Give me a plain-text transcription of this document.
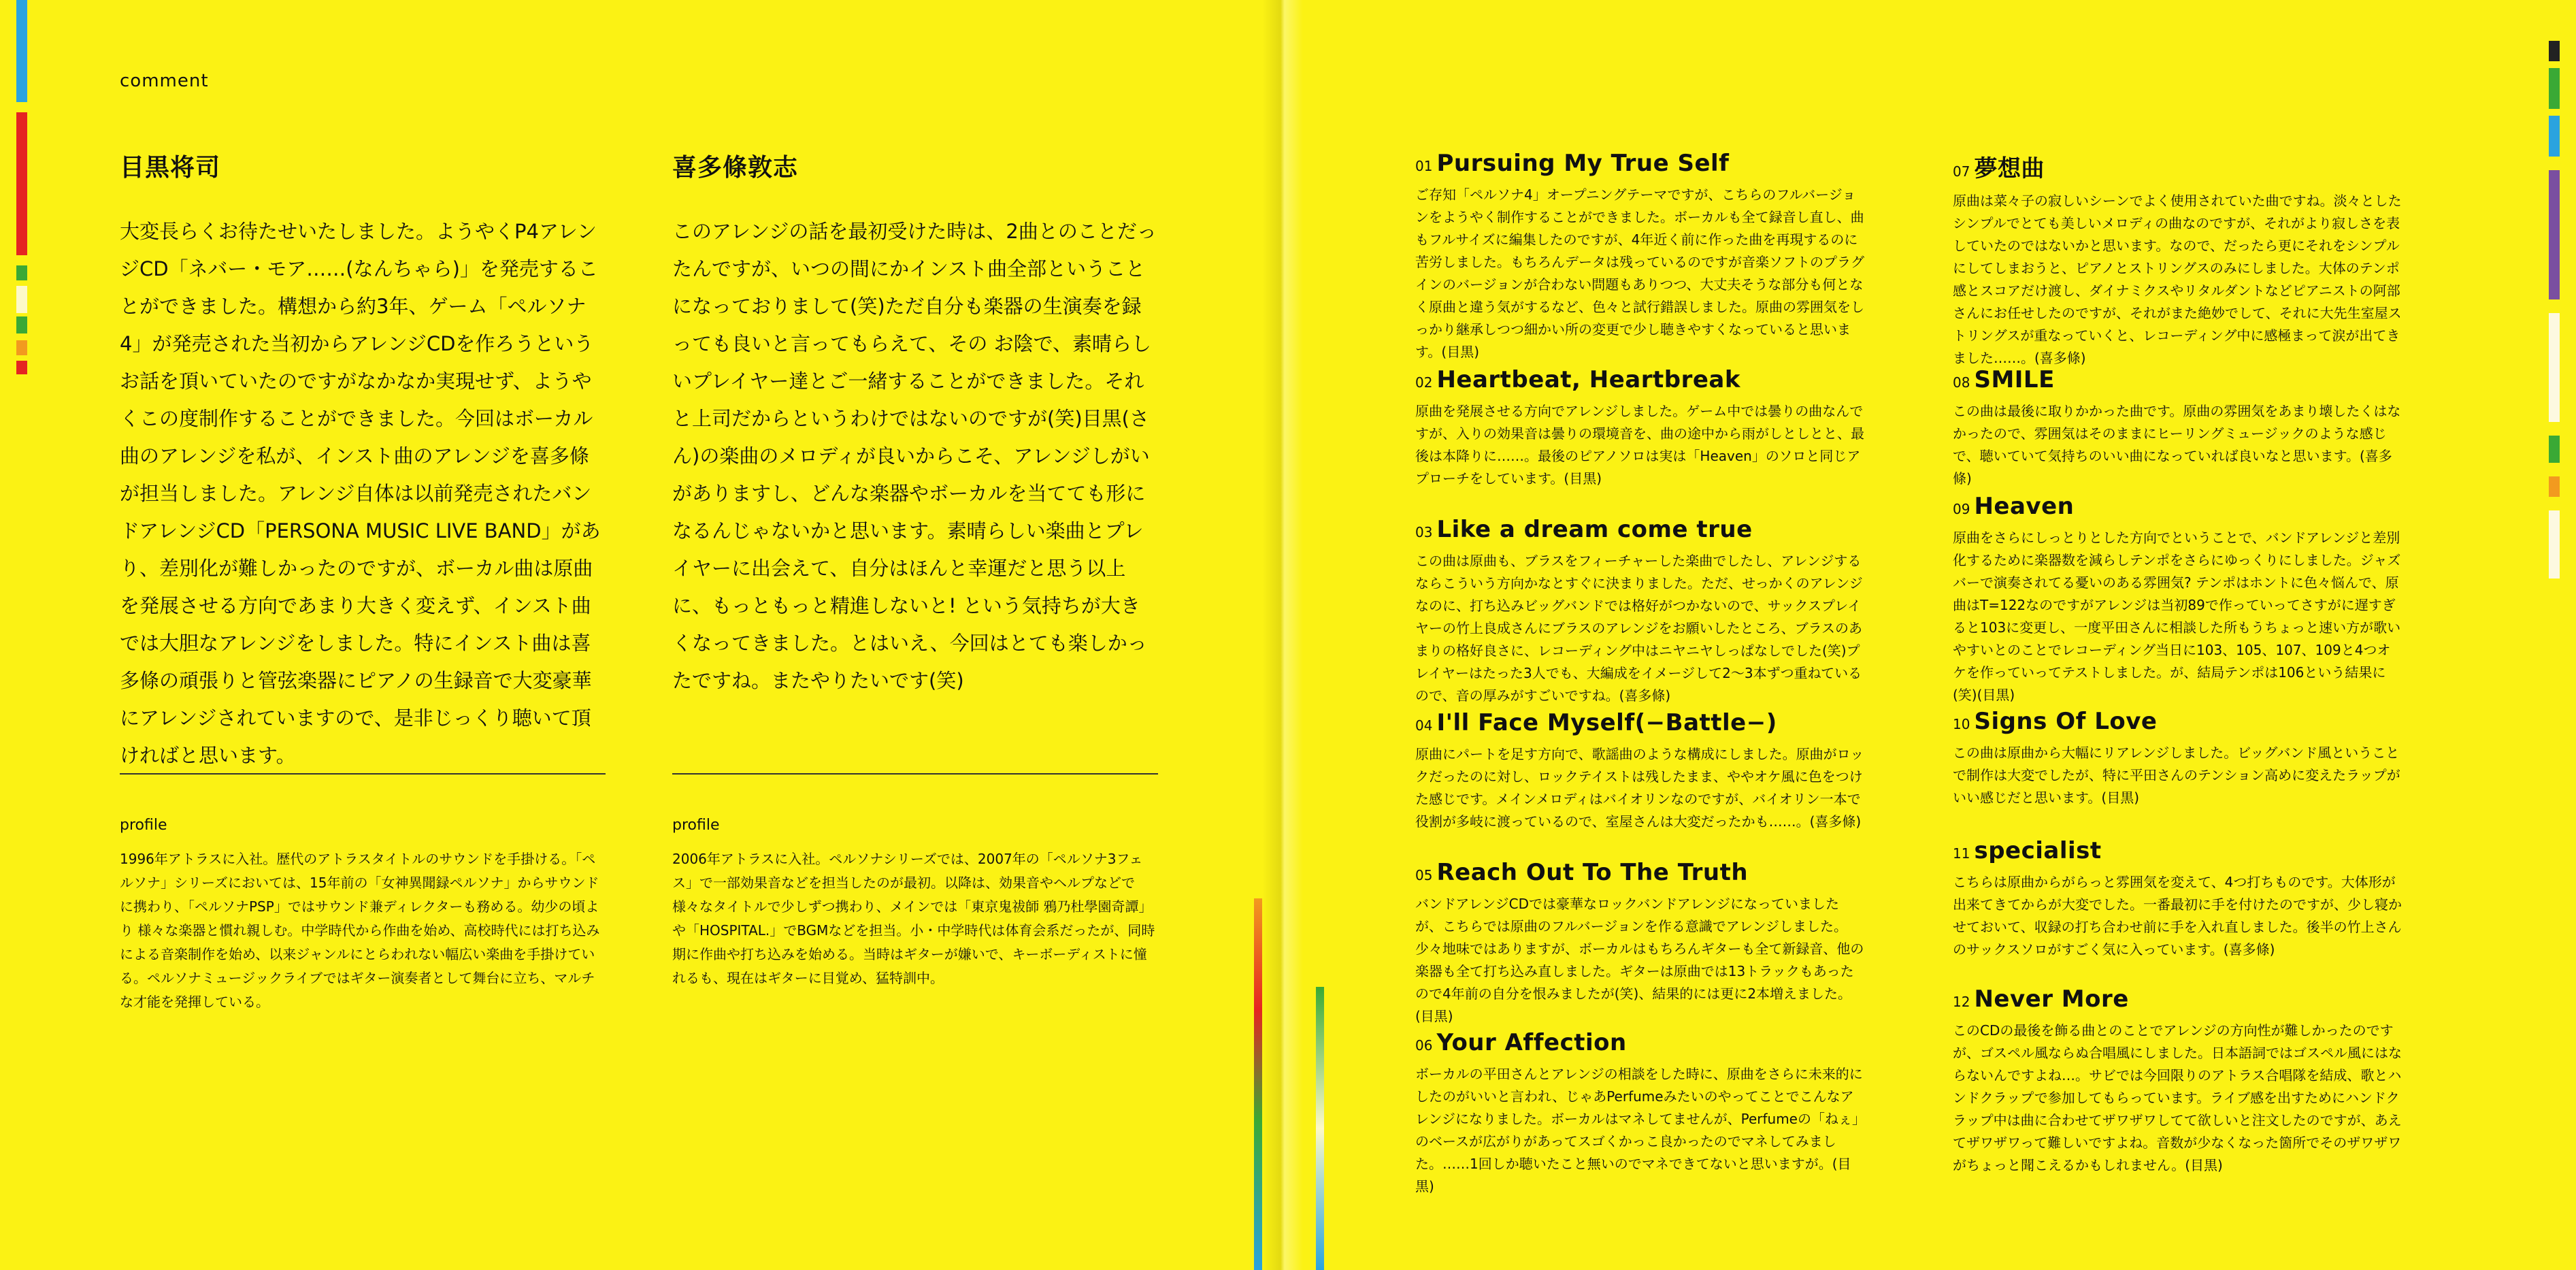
comment
目黒将司

大変長らくお待たせいたしました。ようやくP4アレンジCD「ネバー・モア……(なんちゃら)」を発売することができました。構想から約3年、ゲーム「ペルソナ4」が発売された当初からアレンジCDを作ろうというお話を頂いていたのですがなかなか実現せず、ようやくこの度制作することができました。今回はボーカル曲のアレンジを私が、インスト曲のアレンジを喜多條が担当しました。アレンジ自体は以前発売されたバンドアレンジCD「PERSONA MUSIC LIVE BAND」があり、差別化が難しかったのですが、ボーカル曲は原曲を発展させる方向であまり大きく変えず、インスト曲では大胆なアレンジをしました。特にインスト曲は喜多條の頑張りと管弦楽器にピアノの生録音で大変豪華にアレンジされていますので、是非じっくり聴いて頂ければと思います。

profile

1996年アトラスに入社。歴代のアトラスタイトルのサウンドを手掛ける。「ペルソナ」シリーズにおいては、15年前の「女神異聞録ペルソナ」からサウンドに携わり、「ペルソナPSP」ではサウンド兼ディレクターも務める。幼少の頃より 様々な楽器と慣れ親しむ。中学時代から作曲を始め、高校時代には打ち込みによる音楽制作を始め、以来ジャンルにとらわれない幅広い楽曲を手掛けている。ペルソナミュージックライブではギター演奏者として舞台に立ち、マルチな才能を発揮している。

喜多條敦志

このアレンジの話を最初受けた時は、2曲とのことだったんですが、いつの間にかインスト曲全部ということになっておりまして(笑)ただ自分も楽器の生演奏を録っても良いと言ってもらえて、その お陰で、素晴らしいプレイヤー達とご一緒することができました。それと上司だからというわけではないのですが(笑)目黒(さん)の楽曲のメロディが良いからこそ、アレンジしがいがありますし、どんな楽器やボーカルを当てても形になるんじゃないかと思います。素晴らしい楽曲とプレイヤーに出会えて、自分はほんと幸運だと思う以上に、もっともっと精進しないと! という気持ちが大きくなってきました。とはいえ、今回はとても楽しかったですね。またやりたいです(笑)

profile

2006年アトラスに入社。ペルソナシリーズでは、2007年の「ペルソナ3フェス」で一部効果音などを担当したのが最初。以降は、効果音やヘルプなどで様々なタイトルで少しずつ携わり、メインでは「東京鬼祓師 鴉乃杜學園奇譚」や「HOSPITAL.」でBGMなどを担当。小・中学時代は体育会系だったが、同時期に作曲や打ち込みを始める。当時はギターが嫌いで、キーボーディストに憧れるも、現在はギターに目覚め、猛特訓中。

01 Pursuing My True Self

ご存知「ペルソナ4」オープニングテーマですが、こちらのフルバージョンをようやく制作することができました。ボーカルも全て録音し直し、曲もフルサイズに編集したのですが、4年近く前に作った曲を再現するのに苦労しました。もちろんデータは残っているのですが音楽ソフトのプラグインのバージョンが合わない問題もありつつ、大丈夫そうな部分も何となく原曲と違う気がするなど、色々と試行錯誤しました。原曲の雰囲気をしっかり継承しつつ細かい所の変更で少し聴きやすくなっていると思います。(目黒)

02 Heartbeat, Heartbreak

原曲を発展させる方向でアレンジしました。ゲーム中では曇りの曲なんですが、入りの効果音は曇りの環境音を、曲の途中から雨がしとしとと、最後は本降りに……。最後のピアノソロは実は「Heaven」のソロと同じアプローチをしています。(目黒)

03 Like a dream come true

この曲は原曲も、ブラスをフィーチャーした楽曲でしたし、アレンジするならこういう方向かなとすぐに決まりました。ただ、せっかくのアレンジなのに、打ち込みビッグバンドでは格好がつかないので、サックスプレイヤーの竹上良成さんにブラスのアレンジをお願いしたところ、ブラスのあまりの格好良さに、レコーディング中はニヤニヤしっぱなしでした(笑)プレイヤーはたった3人でも、大編成をイメージして2〜3本ずつ重ねているので、音の厚みがすごいですね。(喜多條)

04 I'll Face Myself(−Battle−)

原曲にパートを足す方向で、歌謡曲のような構成にしました。原曲がロックだったのに対し、ロックテイストは残したまま、ややオケ風に色をつけた感じです。メインメロディはバイオリンなのですが、バイオリン一本で役割が多岐に渡っているので、室屋さんは大変だったかも……。(喜多條)

05 Reach Out To The Truth

バンドアレンジCDでは豪華なロックバンドアレンジになっていましたが、こちらでは原曲のフルバージョンを作る意識でアレンジしました。少々地味ではありますが、ボーカルはもちろんギターも全て新録音、他の楽器も全て打ち込み直しました。ギターは原曲では13トラックもあったので4年前の自分を恨みましたが(笑)、結果的には更に2本増えました。(目黒)

06 Your Affection

ボーカルの平田さんとアレンジの相談をした時に、原曲をさらに未来的にしたのがいいと言われ、じゃあPerfumeみたいのやってことでこんなアレンジになりました。ボーカルはマネしてませんが、Perfumeの「ねぇ」のベースが広がりがあってスゴくかっこ良かったのでマネしてみました。……1回しか聴いたこと無いのでマネできてないと思いますが。(目黒)

07 夢想曲

原曲は菜々子の寂しいシーンでよく使用されていた曲ですね。淡々としたシンプルでとても美しいメロディの曲なのですが、それがより寂しさを表していたのではないかと思います。なので、だったら更にそれをシンプルにしてしまおうと、ピアノとストリングスのみにしました。大体のテンポ感とスコアだけ渡し、ダイナミクスやリタルダントなどピアニストの阿部さんにお任せしたのですが、それがまた絶妙でして、それに大先生室屋ストリングスが重なっていくと、レコーディング中に感極まって涙が出てきました……。(喜多條)

08 SMILE

この曲は最後に取りかかった曲です。原曲の雰囲気をあまり壊したくはなかったので、雰囲気はそのままにヒーリングミュージックのような感じで、聴いていて気持ちのいい曲になっていれば良いなと思います。(喜多條)

09 Heaven

原曲をさらにしっとりとした方向でということで、バンドアレンジと差別化するために楽器数を減らしテンポをさらにゆっくりにしました。ジャズバーで演奏されてる憂いのある雰囲気? テンポはホントに色々悩んで、原曲はT=122なのですがアレンジは当初89で作っていってさすがに遅すぎると103に変更し、一度平田さんに相談した所もうちょっと速い方が歌いやすいとのことでレコーディング当日に103、105、107、109と4つオケを作っていってテストしました。が、結局テンポは106という結果に(笑)(目黒)

10 Signs Of Love

この曲は原曲から大幅にリアレンジしました。ビッグバンド風ということで制作は大変でしたが、特に平田さんのテンション高めに変えたラップがいい感じだと思います。(目黒)

11 specialist

こちらは原曲からがらっと雰囲気を変えて、4つ打ちものです。大体形が出来てきてからが大変でした。一番最初に手を付けたのですが、少し寝かせておいて、収録の打ち合わせ前に手を入れ直しました。後半の竹上さんのサックスソロがすごく気に入っています。(喜多條)

12 Never More

このCDの最後を飾る曲とのことでアレンジの方向性が難しかったのですが、ゴスペル風ならぬ合唱風にしました。日本語詞ではゴスペル風にはならないんですよね…。サビでは今回限りのアトラス合唱隊を結成、歌とハンドクラップで参加してもらっています。ライブ感を出すためにハンドクラップ中は曲に合わせてザワザワしてて欲しいと注文したのですが、あえてザワザワって難しいですよね。音数が少なくなった箇所でそのザワザワがちょっと聞こえるかもしれません。(目黒)
